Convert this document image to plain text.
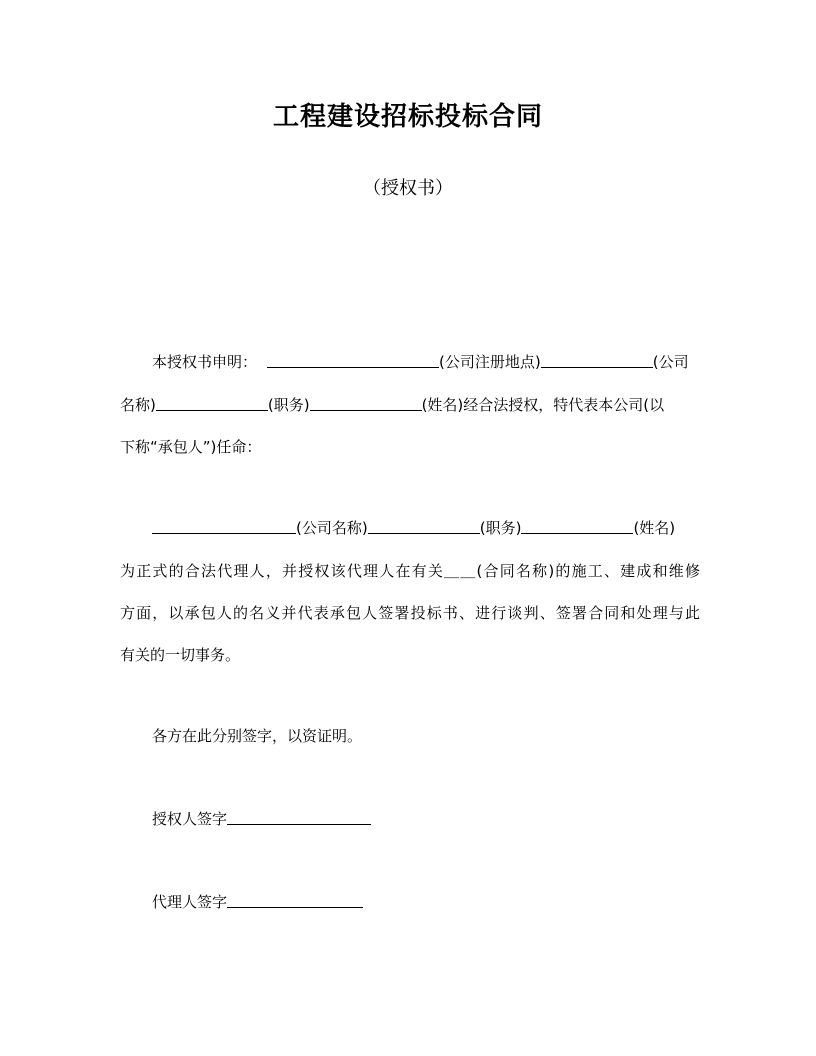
工程建设招标投标合同

（授权书）

本授权书申明：	(公司注册地点)	(公司

名称)	(职务)	(姓名)经合法授权，特代表本公司(以

下称“承包人”)任命：

(公司名称)	(职务)	(姓名)

为正式的合法代理人，并授权该代理人在有关＿＿(合同名称)的施工、建成和维修

方面，以承包人的名义并代表承包人签署投标书、进行谈判、签署合同和处理与此

有关的一切事务。

各方在此分别签字，以资证明。

授权人签字

代理人签字
